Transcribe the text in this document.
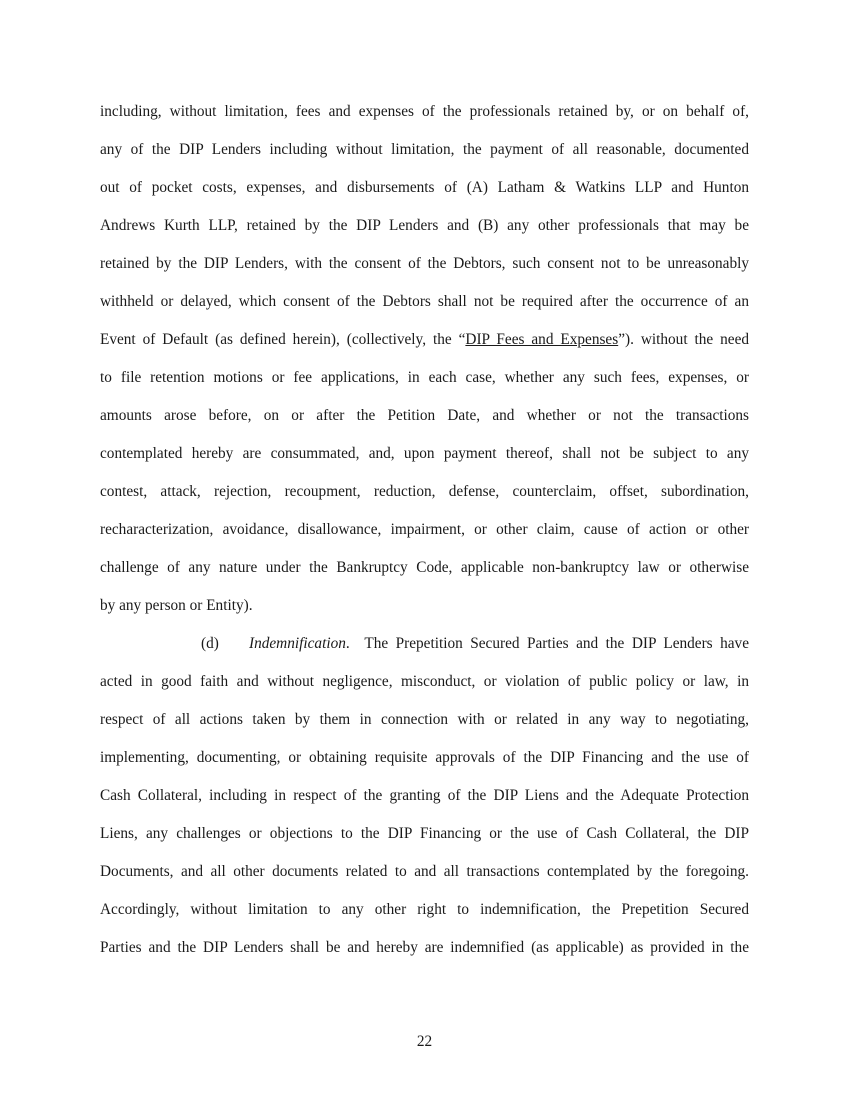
including, without limitation, fees and expenses of the professionals retained by, or on behalf of,
any of the DIP Lenders including without limitation, the payment of all reasonable, documented
out of pocket costs, expenses, and disbursements of (A) Latham & Watkins LLP and Hunton
Andrews Kurth LLP, retained by the DIP Lenders and (B) any other professionals that may be
retained by the DIP Lenders, with the consent of the Debtors, such consent not to be unreasonably
withheld or delayed, which consent of the Debtors shall not be required after the occurrence of an
Event of Default (as defined herein), (collectively, the “DIP Fees and Expenses”). without the need
to file retention motions or fee applications, in each case, whether any such fees, expenses, or
amounts arose before, on or after the Petition Date, and whether or not the transactions
contemplated hereby are consummated, and, upon payment thereof, shall not be subject to any
contest, attack, rejection, recoupment, reduction, defense, counterclaim, offset, subordination,
recharacterization, avoidance, disallowance, impairment, or other claim, cause of action or other
challenge of any nature under the Bankruptcy Code, applicable non-bankruptcy law or otherwise
by any person or Entity).
(d) Indemnification.  The Prepetition Secured Parties and the DIP Lenders have
acted in good faith and without negligence, misconduct, or violation of public policy or law, in
respect of all actions taken by them in connection with or related in any way to negotiating,
implementing, documenting, or obtaining requisite approvals of the DIP Financing and the use of
Cash Collateral, including in respect of the granting of the DIP Liens and the Adequate Protection
Liens, any challenges or objections to the DIP Financing or the use of Cash Collateral, the DIP
Documents, and all other documents related to and all transactions contemplated by the foregoing.
Accordingly, without limitation to any other right to indemnification, the Prepetition Secured
Parties and the DIP Lenders shall be and hereby are indemnified (as applicable) as provided in the
22
